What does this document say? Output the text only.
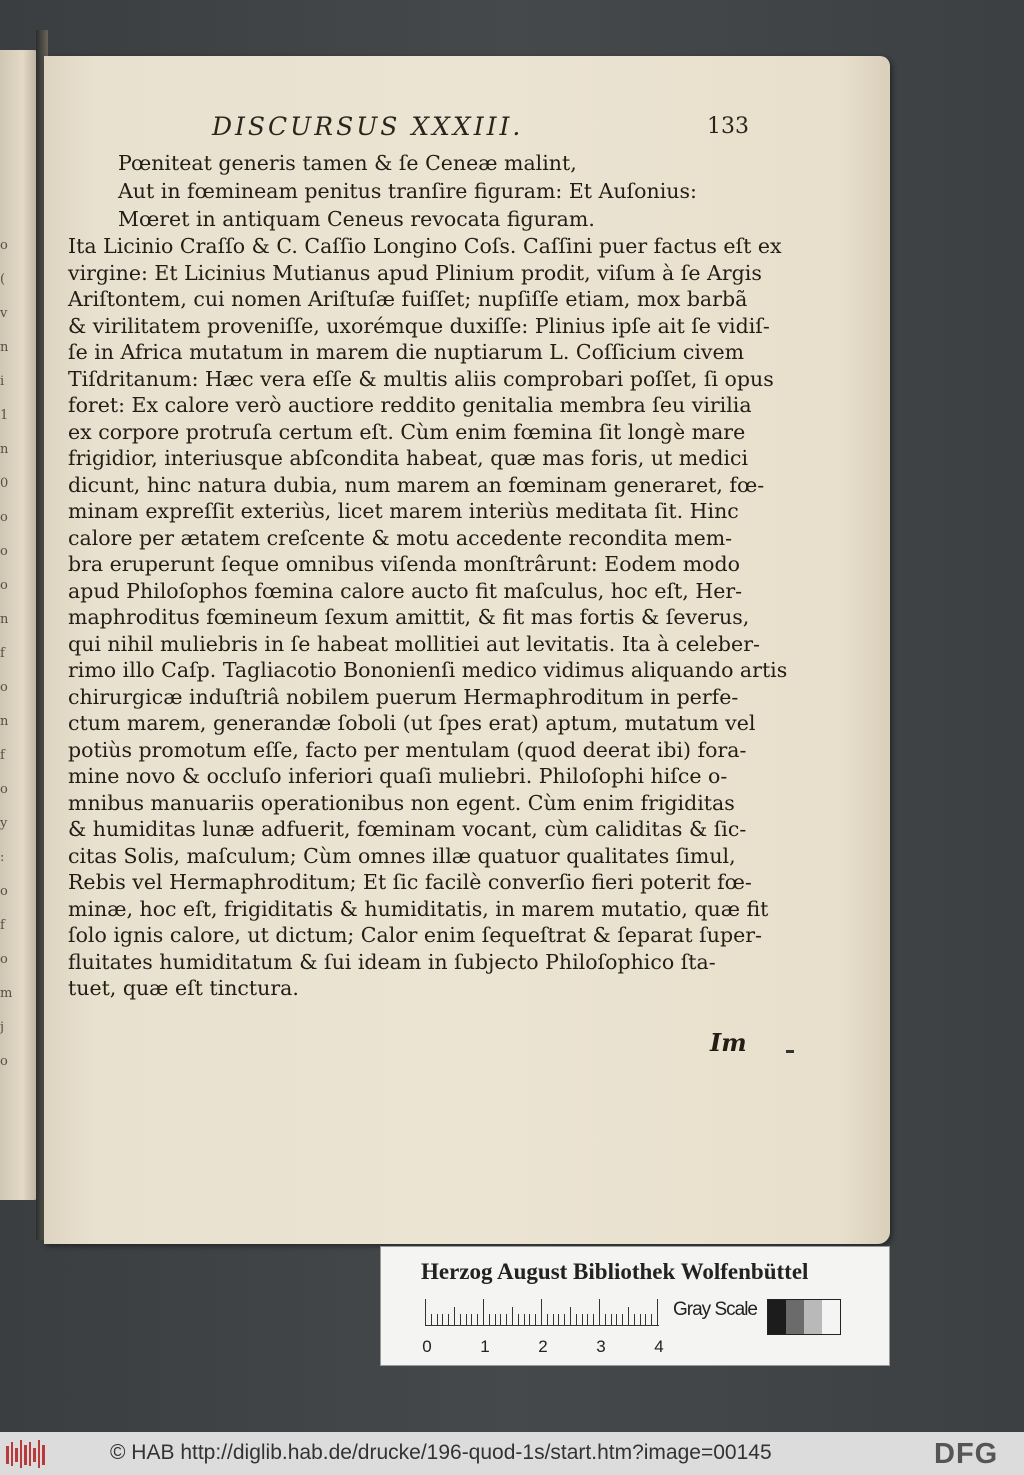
o
(
v
n
i
1
n
0
o
o
o
n
f
o
n
f
o
y
:
o
f
o
m
j
o
DISCURSUS XXXIII.	133
Pœniteat generis tamen & ſe Ceneæ malint,
Aut in fœmineam penitus tranſire figuram: Et Auſonius:
Mœret in antiquam Ceneus revocata figuram.
Im
Herzog August Bibliothek Wolfenbüttel
0	1	2	3	4
Gray Scale
Ita Licinio Craſſo & C. Caſſio Longino Coſs. Caſſini puer factus eſt ex
virgine: Et Licinius Mutianus apud Plinium prodit, viſum à ſe Argis
Ariſtontem, cui nomen Ariſtuſæ fuiſſet; nupſiſſe etiam, mox barbã
& virilitatem proveniſſe, uxorémque duxiſſe: Plinius ipſe ait ſe vidiſ-
ſe in Africa mutatum in marem die nuptiarum L. Coſſicium civem
Tiſdritanum: Hæc vera eſſe & multis aliis comprobari poſſet, ſi opus
foret: Ex calore verò auctiore reddito genitalia membra ſeu virilia
ex corpore protruſa certum eſt. Cùm enim fœmina ſit longè mare
frigidior, interiusque abſcondita habeat, quæ mas foris, ut medici
dicunt, hinc natura dubia, num marem an fœminam generaret, fœ-
minam expreſſit exteriùs, licet marem interiùs meditata ſit. Hinc
calore per ætatem creſcente & motu accedente recondita mem-
bra eruperunt ſeque omnibus viſenda monſtrârunt: Eodem modo
apud Philoſophos fœmina calore aucto fit maſculus, hoc eſt, Her-
maphroditus fœmineum ſexum amittit, & fit mas fortis & ſeverus,
qui nihil muliebris in ſe habeat mollitiei aut levitatis. Ita à celeber-
rimo illo Caſp. Tagliacotio Bononienſi medico vidimus aliquando artis
chirurgicæ induſtriâ nobilem puerum Hermaphroditum in perfe-
ctum marem, generandæ ſoboli (ut ſpes erat) aptum, mutatum vel
potiùs promotum eſſe, facto per mentulam (quod deerat ibi) fora-
mine novo & occluſo inferiori quaſi muliebri. Philoſophi hiſce o-
mnibus manuariis operationibus non egent. Cùm enim frigiditas
& humiditas lunæ adfuerit, fœminam vocant, cùm caliditas & ſic-
citas Solis, maſculum; Cùm omnes illæ quatuor qualitates ſimul,
Rebis vel Hermaphroditum; Et ſic facilè converſio fieri poterit fœ-
minæ, hoc eſt, frigiditatis & humiditatis, in marem mutatio, quæ fit
ſolo ignis calore, ut dictum; Calor enim ſequeſtrat & ſeparat ſuper-
fluitates humiditatum & ſui ideam in ſubjecto Philoſophico ſta-
tuet, quæ eſt tinctura.
© HAB http://diglib.hab.de/drucke/196-quod-1s/start.htm?image=00145	DFG
